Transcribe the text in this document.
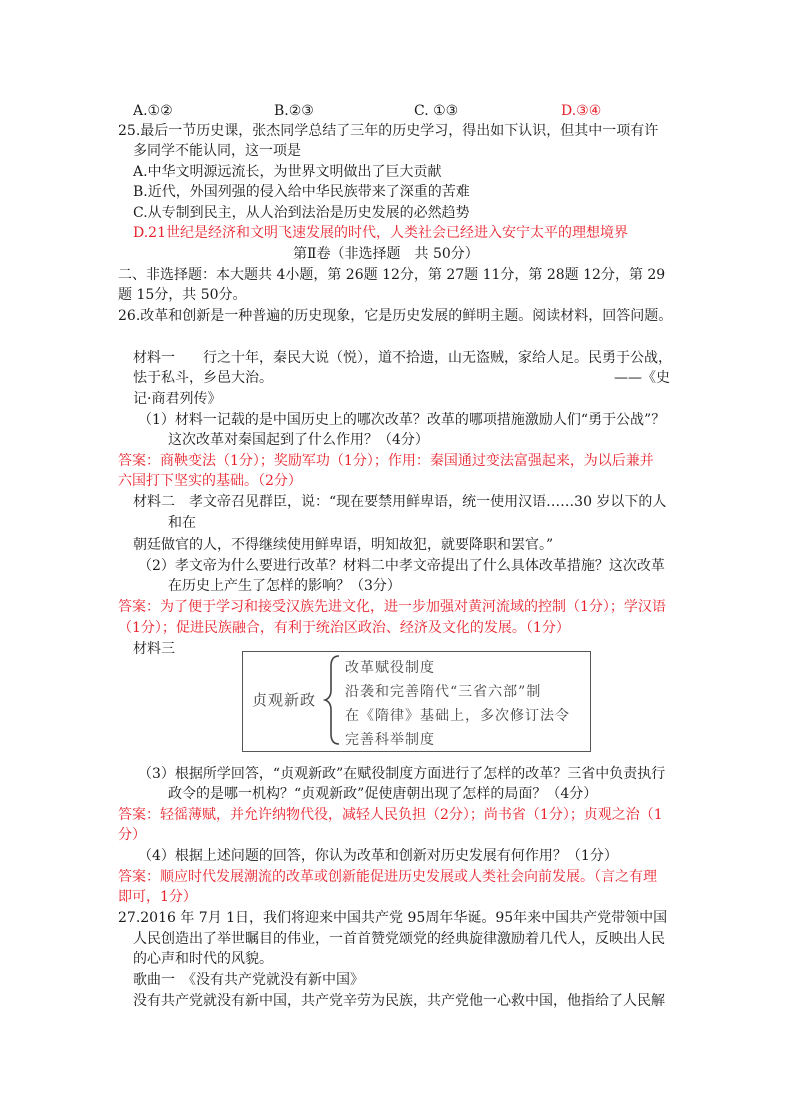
A.①②	B.②③	C. ①③	D.③④
25.最后一节历史课，张杰同学总结了三年的历史学习，得出如下认识，但其中一项有许
多同学不能认同，这一项是
A.中华文明源远流长，为世界文明做出了巨大贡献
B.近代，外国列强的侵入给中华民族带来了深重的苦难
C.从专制到民主，从人治到法治是历史发展的必然趋势
D.21世纪是经济和文明飞速发展的时代，人类社会已经进入安宁太平的理想境界
第Ⅱ卷（非选择题　共 50分）
二、非选择题：本大题共 4小题，第 26题 12分，第 27题 11分，第 28题 12分，第 29
题 15分，共 50分。
26.改革和创新是一种普遍的历史现象，它是历史发展的鲜明主题。阅读材料，回答问题。
材料一　　行之十年，秦民大说（悦），道不拾遗，山无盗贼，家给人足。民勇于公战，
怯于私斗，乡邑大治。	——《史
记·商君列传》
（1）材料一记载的是中国历史上的哪次改革？改革的哪项措施激励人们“勇于公战”？
这次改革对秦国起到了什么作用？（4分）
答案：商鞅变法（1分）；奖励军功（1分）；作用：秦国通过变法富强起来，为以后兼并
六国打下坚实的基础。（2分）
材料二　孝文帝召见群臣，说：“现在要禁用鲜卑语，统一使用汉语……30 岁以下的人
和在
朝廷做官的人，不得继续使用鲜卑语，明知故犯，就要降职和罢官。”
（2）孝文帝为什么要进行改革？材料二中孝文帝提出了什么具体改革措施？这次改革
在历史上产生了怎样的影响？（3分）
答案：为了便于学习和接受汉族先进文化，进一步加强对黄河流域的控制（1分）；学汉语
（1分）；促进民族融合，有利于统治区政治、经济及文化的发展。（1分）
材料三
贞观新政
改革赋役制度
沿袭和完善隋代“三省六部”制
在《隋律》基础上，多次修订法令
完善科举制度
（3）根据所学回答，“贞观新政”在赋役制度方面进行了怎样的改革？三省中负责执行
政令的是哪一机构？“贞观新政”促使唐朝出现了怎样的局面？（4分）
答案：轻徭薄赋，并允许纳物代役，减轻人民负担（2分）；尚书省（1分）；贞观之治（1
分）
（4）根据上述问题的回答，你认为改革和创新对历史发展有何作用？（1分）
答案：顺应时代发展潮流的改革或创新能促进历史发展或人类社会向前发展。（言之有理
即可，1分）
27.2016 年 7月 1日，我们将迎来中国共产党 95周年华诞。95年来中国共产党带领中国
人民创造出了举世瞩目的伟业，一首首赞党颂党的经典旋律激励着几代人，反映出人民
的心声和时代的风貌。
歌曲一　《没有共产党就没有新中国》
没有共产党就没有新中国，共产党辛劳为民族，共产党他一心救中国，他指给了人民解
